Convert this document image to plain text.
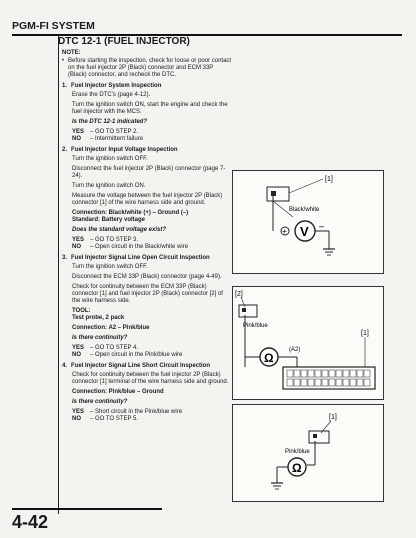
PGM-FI SYSTEM
DTC 12-1 (FUEL INJECTOR)
NOTE:

• Before starting the inspection, check for loose or poor contact on the fuel injector 2P (Black) connector and ECM 33P (Black) connector, and recheck the DTC.

1. Fuel Injector System Inspection

Erase the DTC's (page 4-12).

Turn the ignition switch ON, start the engine and check the fuel injector with the MCS.

Is the DTC 12-1 indicated?

YES – GO TO STEP 2.
NO – Intermittent failure
2. Fuel Injector Input Voltage Inspection

Turn the ignition switch OFF.

Disconnect the fuel injector 2P (Black) connector (page 7-24).

Turn the ignition switch ON.

Measure the voltage between the fuel injector 2P (Black) connector [1] of the wire harness side and ground.

Connection: Black/white (+) – Ground (–)

Standard: Battery voltage

Does the standard voltage exist?

YES – GO TO STEP 3.
NO – Open circuit in the Black/white wire
3. Fuel Injector Signal Line Open Circuit Inspection

Turn the ignition switch OFF.

Disconnect the ECM 33P (Black) connector (page 4-49).

Check for continuity between the ECM 33P (Black) connector [1] and fuel injector 2P (Black) connector [2] of the wire harness side.

TOOL:

Test probe, 2 pack

Connection: A2 – Pink/blue

Is there continuity?

YES – GO TO STEP 4.
NO – Open circuit in the Pink/blue wire
4. Fuel Injector Signal Line Short Circuit Inspection

Check for continuity between the fuel injector 2P (Black) connector [1] terminal of the wire harness side and ground.

Connection: Pink/blue – Ground

Is there continuity?

YES – Short circuit in the Pink/blue wire
NO – GO TO STEP 5.
[1]
Black/white
V
+
–
[2]
Pink/blue
Ω
(A2)
[1]
[1]
Pink/blue
Ω
4-42
